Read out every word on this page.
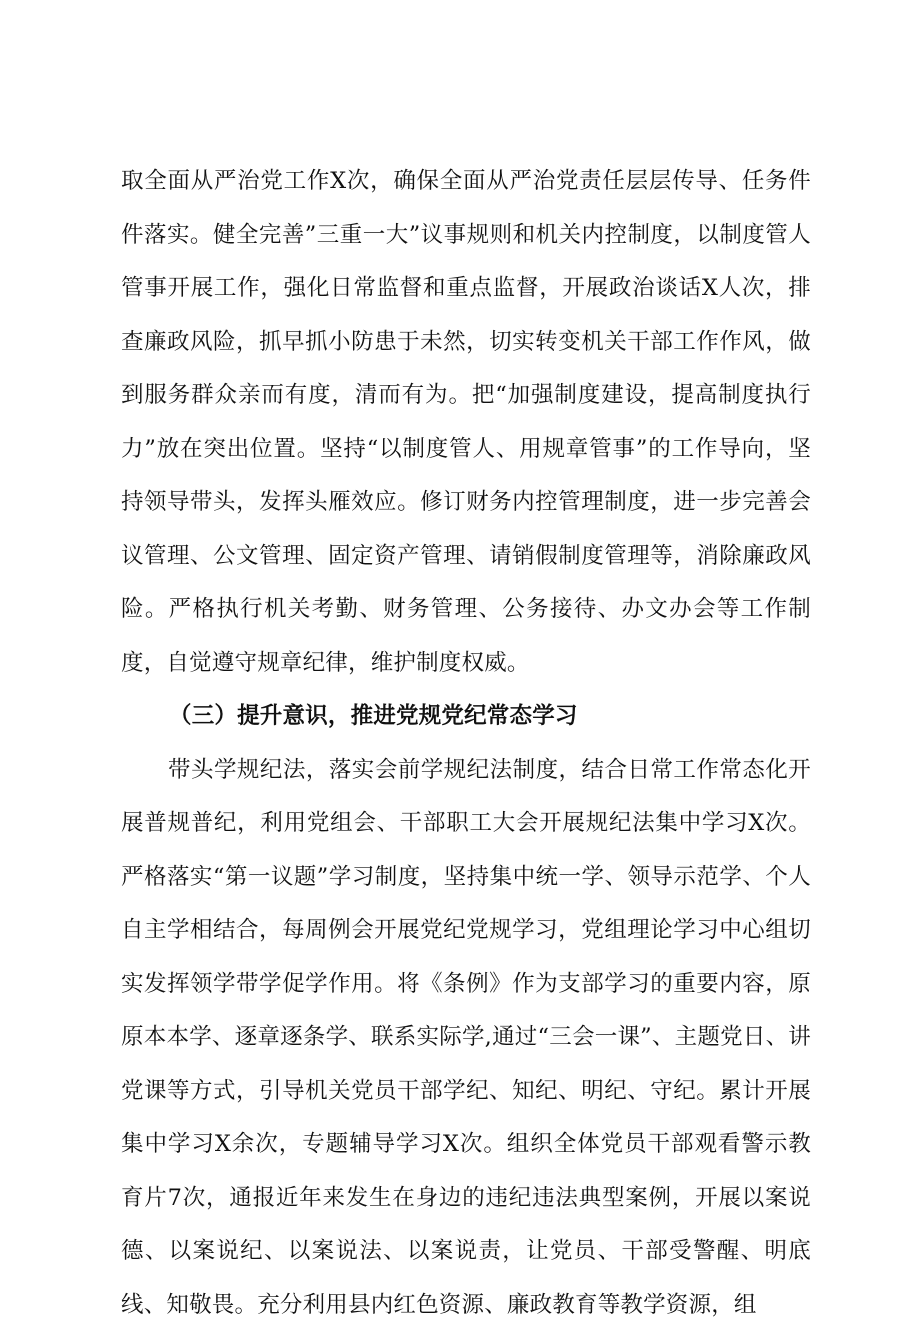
取全面从严治党工作X次，确保全面从严治党责任层层传导、任务件件落实。健全完善”三重一大”议事规则和机关内控制度，以制度管人管事开展工作，强化日常监督和重点监督，开展政治谈话X人次，排查廉政风险，抓早抓小防患于未然，切实转变机关干部工作作风，做到服务群众亲而有度，清而有为。把“加强制度建设，提高制度执行力”放在突出位置。坚持“以制度管人、用规章管事”的工作导向，坚持领导带头，发挥头雁效应。修订财务内控管理制度，进一步完善会议管理、公文管理、固定资产管理、请销假制度管理等，消除廉政风险。严格执行机关考勤、财务管理、公务接待、办文办会等工作制度，自觉遵守规章纪律，维护制度权威。

（三）提升意识，推进党规党纪常态学习

带头学规纪法，落实会前学规纪法制度，结合日常工作常态化开展普规普纪，利用党组会、干部职工大会开展规纪法集中学习X次。严格落实“第一议题”学习制度，坚持集中统一学、领导示范学、个人自主学相结合，每周例会开展党纪党规学习，党组理论学习中心组切实发挥领学带学促学作用。将《条例》作为支部学习的重要内容，原原本本学、逐章逐条学、联系实际学,通过“三会一课”、主题党日、讲党课等方式，引导机关党员干部学纪、知纪、明纪、守纪。累计开展集中学习X余次，专题辅导学习X次。组织全体党员干部观看警示教育片7次，通报近年来发生在身边的违纪违法典型案例，开展以案说德、以案说纪、以案说法、以案说责，让党员、干部受警醒、明底线、知敬畏。充分利用县内红色资源、廉政教育等教学资源，组
